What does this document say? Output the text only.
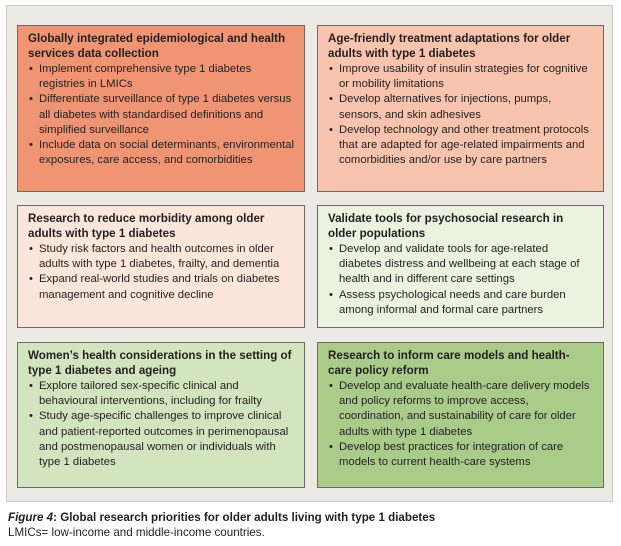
Globally integrated epidemiological and health services data collection
• Implement comprehensive type 1 diabetes registries in LMICs
• Differentiate surveillance of type 1 diabetes versus all diabetes with standardised definitions and simplified surveillance
• Include data on social determinants, environmental exposures, care access, and comorbidities
Age-friendly treatment adaptations for older adults with type 1 diabetes
• Improve usability of insulin strategies for cognitive or mobility limitations
• Develop alternatives for injections, pumps, sensors, and skin adhesives
• Develop technology and other treatment protocols that are adapted for age-related impairments and comorbidities and/or use by care partners
Research to reduce morbidity among older adults with type 1 diabetes
• Study risk factors and health outcomes in older adults with type 1 diabetes, frailty, and dementia
• Expand real-world studies and trials on diabetes management and cognitive decline
Validate tools for psychosocial research in older populations
• Develop and validate tools for age-related diabetes distress and wellbeing at each stage of health and in different care settings
• Assess psychological needs and care burden among informal and formal care partners
Women’s health considerations in the setting of type 1 diabetes and ageing
• Explore tailored sex-specific clinical and behavioural interventions, including for frailty
• Study age-specific challenges to improve clinical and patient-reported outcomes in perimenopausal and postmenopausal women or individuals with type 1 diabetes
Research to inform care models and health-care policy reform
• Develop and evaluate health-care delivery models and policy reforms to improve access, coordination, and sustainability of care for older adults with type 1 diabetes
• Develop best practices for integration of care models to current health-care systems
Figure 4: Global research priorities for older adults living with type 1 diabetes
LMICs= low-income and middle-income countries.
